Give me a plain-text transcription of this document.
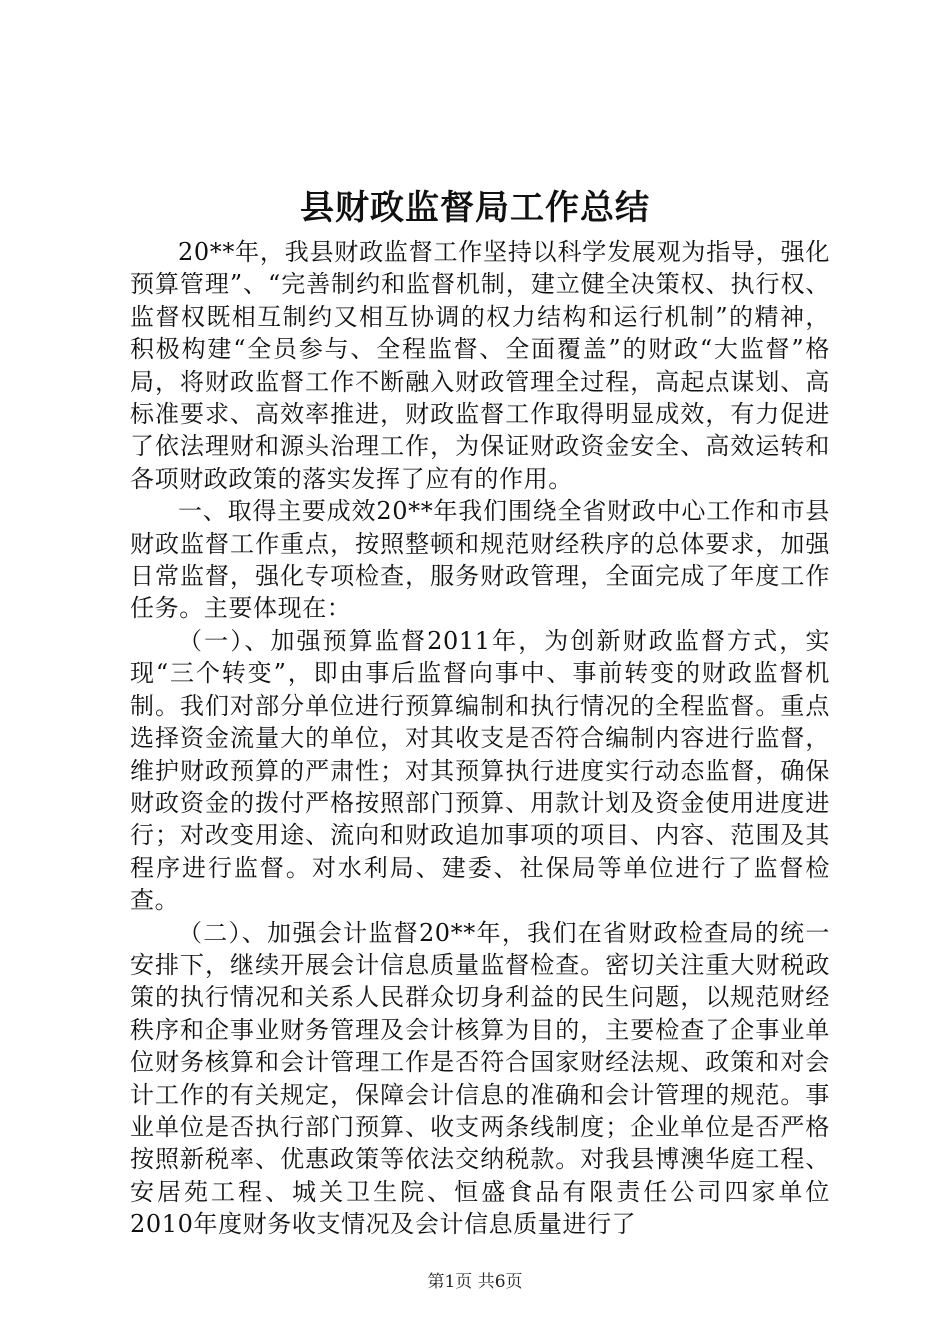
县财政监督局工作总结

20**年，我县财政监督工作坚持以科学发展观为指导，强化预算管理”、“完善制约和监督机制，建立健全决策权、执行权、监督权既相互制约又相互协调的权力结构和运行机制”的精神，积极构建“全员参与、全程监督、全面覆盖”的财政“大监督”格局，将财政监督工作不断融入财政管理全过程，高起点谋划、高标准要求、高效率推进，财政监督工作取得明显成效，有力促进了依法理财和源头治理工作，为保证财政资金安全、高效运转和各项财政政策的落实发挥了应有的作用。

一、取得主要成效20**年我们围绕全省财政中心工作和市县财政监督工作重点，按照整顿和规范财经秩序的总体要求，加强日常监督，强化专项检查，服务财政管理，全面完成了年度工作任务。主要体现在：

（一）、加强预算监督2011年，为创新财政监督方式，实现“三个转变”，即由事后监督向事中、事前转变的财政监督机制。我们对部分单位进行预算编制和执行情况的全程监督。重点选择资金流量大的单位，对其收支是否符合编制内容进行监督，维护财政预算的严肃性；对其预算执行进度实行动态监督，确保财政资金的拨付严格按照部门预算、用款计划及资金使用进度进行；对改变用途、流向和财政追加事项的项目、内容、范围及其程序进行监督。对水利局、建委、社保局等单位进行了监督检查。

（二）、加强会计监督20**年，我们在省财政检查局的统一安排下，继续开展会计信息质量监督检查。密切关注重大财税政策的执行情况和关系人民群众切身利益的民生问题，以规范财经秩序和企事业财务管理及会计核算为目的，主要检查了企事业单位财务核算和会计管理工作是否符合国家财经法规、政策和对会计工作的有关规定，保障会计信息的准确和会计管理的规范。事业单位是否执行部门预算、收支两条线制度；企业单位是否严格按照新税率、优惠政策等依法交纳税款。对我县博澳华庭工程、安居苑工程、城关卫生院、恒盛食品有限责任公司四家单位2010年度财务收支情况及会计信息质量进行了

第1页 共6页
